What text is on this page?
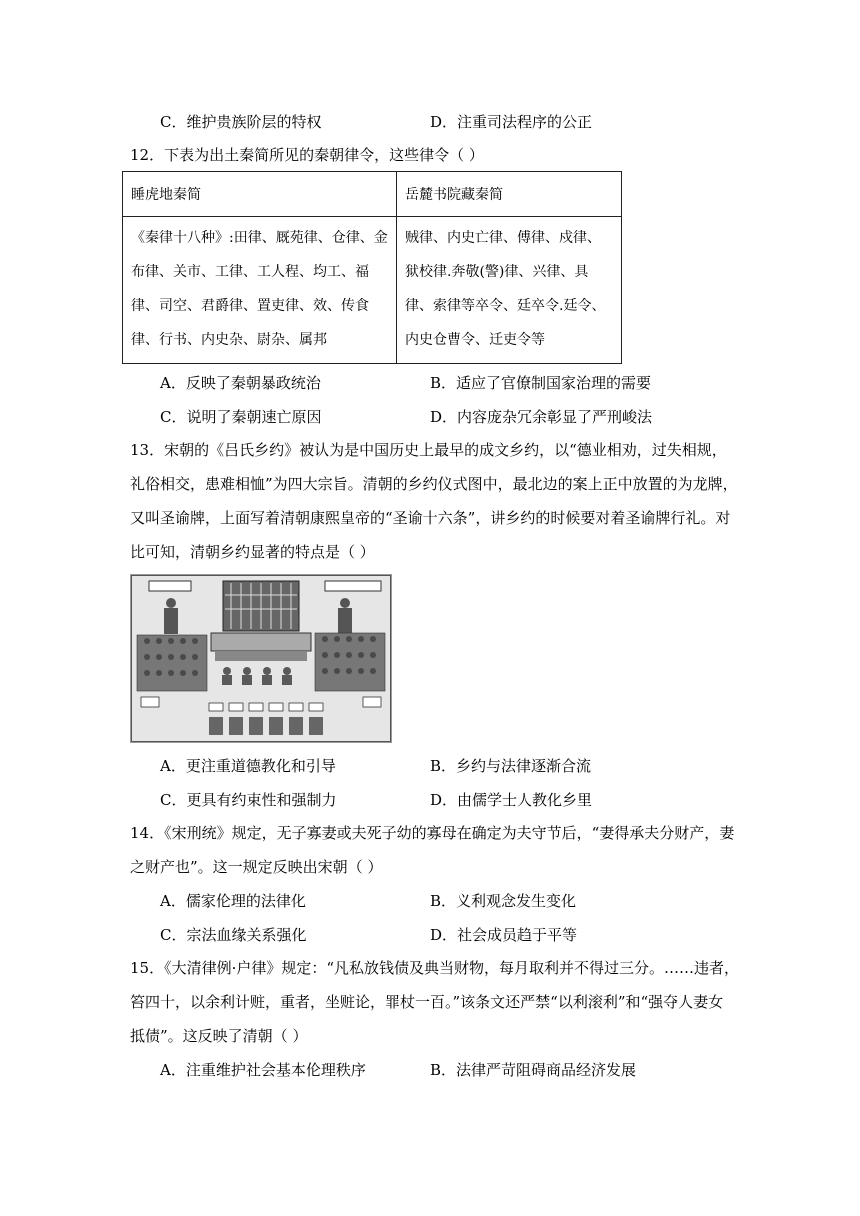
C．维护贵族阶层的特权	D．注重司法程序的公正
12．下表为出土秦简所见的秦朝律令，这些律令（ ）
睡虎地秦简	岳麓书院藏秦简
《秦律十八种》:田律、厩苑律、仓律、金布律、关市、工律、工人程、均工、福律、司空、君爵律、置吏律、效、传食律、行书、内史杂、尉杂、属邦	贼律、内史亡律、傅律、戍律、狱校律.奔敬(警)律、兴律、具律、索律等卒令、廷卒令.廷令、内史仓曹令、迁吏令等
A．反映了秦朝暴政统治	B．适应了官僚制国家治理的需要
C．说明了秦朝速亡原因	D．内容庞杂冗余彰显了严刑峻法
13．宋朝的《吕氏乡约》被认为是中国历史上最早的成文乡约，以“德业相劝，过失相规，
礼俗相交，患难相恤”为四大宗旨。清朝的乡约仪式图中，最北边的案上正中放置的为龙牌，
又叫圣谕牌，上面写着清朝康熙皇帝的“圣谕十六条”，讲乡约的时候要对着圣谕牌行礼。对
比可知，清朝乡约显著的特点是（ ）
A．更注重道德教化和引导	B．乡约与法律逐渐合流
C．更具有约束性和强制力	D．由儒学士人教化乡里
14．《宋刑统》规定，无子寡妻或夫死子幼的寡母在确定为夫守节后，“妻得承夫分财产，妻
之财产也”。这一规定反映出宋朝（ ）
A．儒家伦理的法律化	B．义利观念发生变化
C．宗法血缘关系强化	D．社会成员趋于平等
15．《大清律例·户律》规定：“凡私放钱债及典当财物，每月取利并不得过三分。……违者，
笞四十，以余利计赃，重者，坐赃论，罪杖一百。”该条文还严禁“以利滚利”和“强夺人妻女
抵债”。这反映了清朝（ ）
A．注重维护社会基本伦理秩序	B．法律严苛阻碍商品经济发展
